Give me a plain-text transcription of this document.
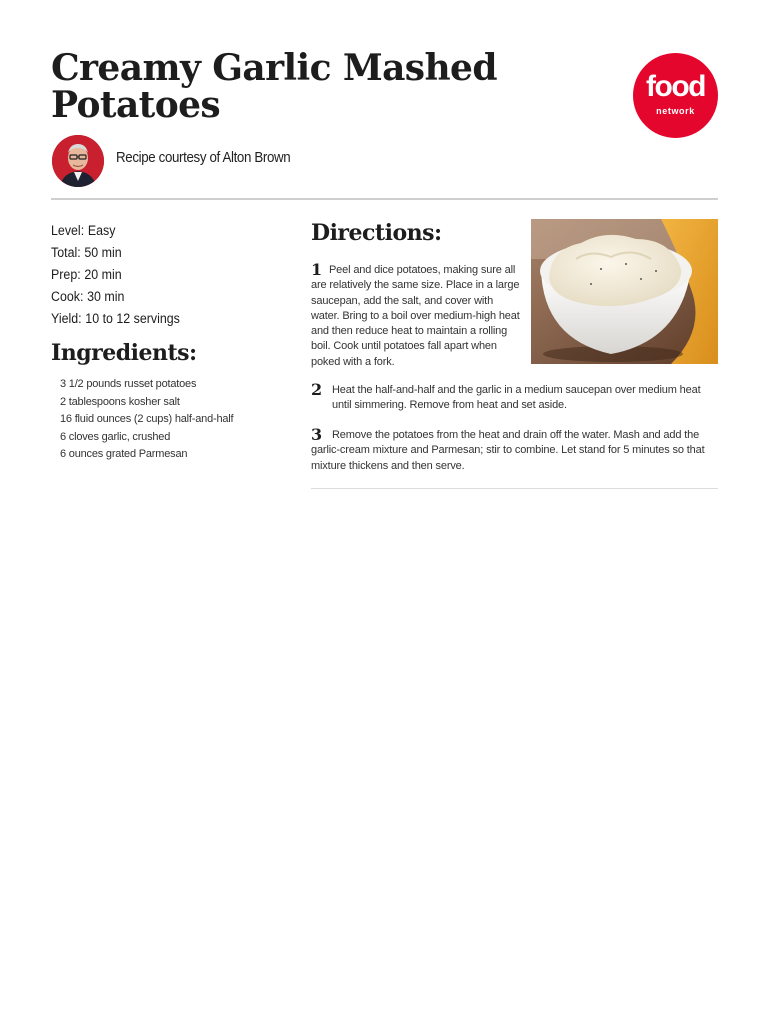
Creamy Garlic Mashed Potatoes	food
network
Recipe courtesy of Alton Brown
Level: Easy
Total: 50 min
Prep: 20 min
Cook: 30 min
Yield: 10 to 12 servings
Ingredients:
3 1/2 pounds russet potatoes
2 tablespoons kosher salt
16 fluid ounces (2 cups) half-and-half
6 cloves garlic, crushed
6 ounces grated Parmesan
Directions:
1 Peel and dice potatoes, making sure all are relatively the same size. Place in a large saucepan, add the salt, and cover with water. Bring to a boil over medium-high heat and then reduce heat to maintain a rolling boil. Cook until potatoes fall apart when poked with a fork.

2 Heat the half-and-half and the garlic in a medium saucepan over medium heat until simmering. Remove from heat and set aside.

3 Remove the potatoes from the heat and drain off the water. Mash and add the garlic-cream mixture and Parmesan; stir to combine. Let stand for 5 minutes so that mixture thickens and then serve.
